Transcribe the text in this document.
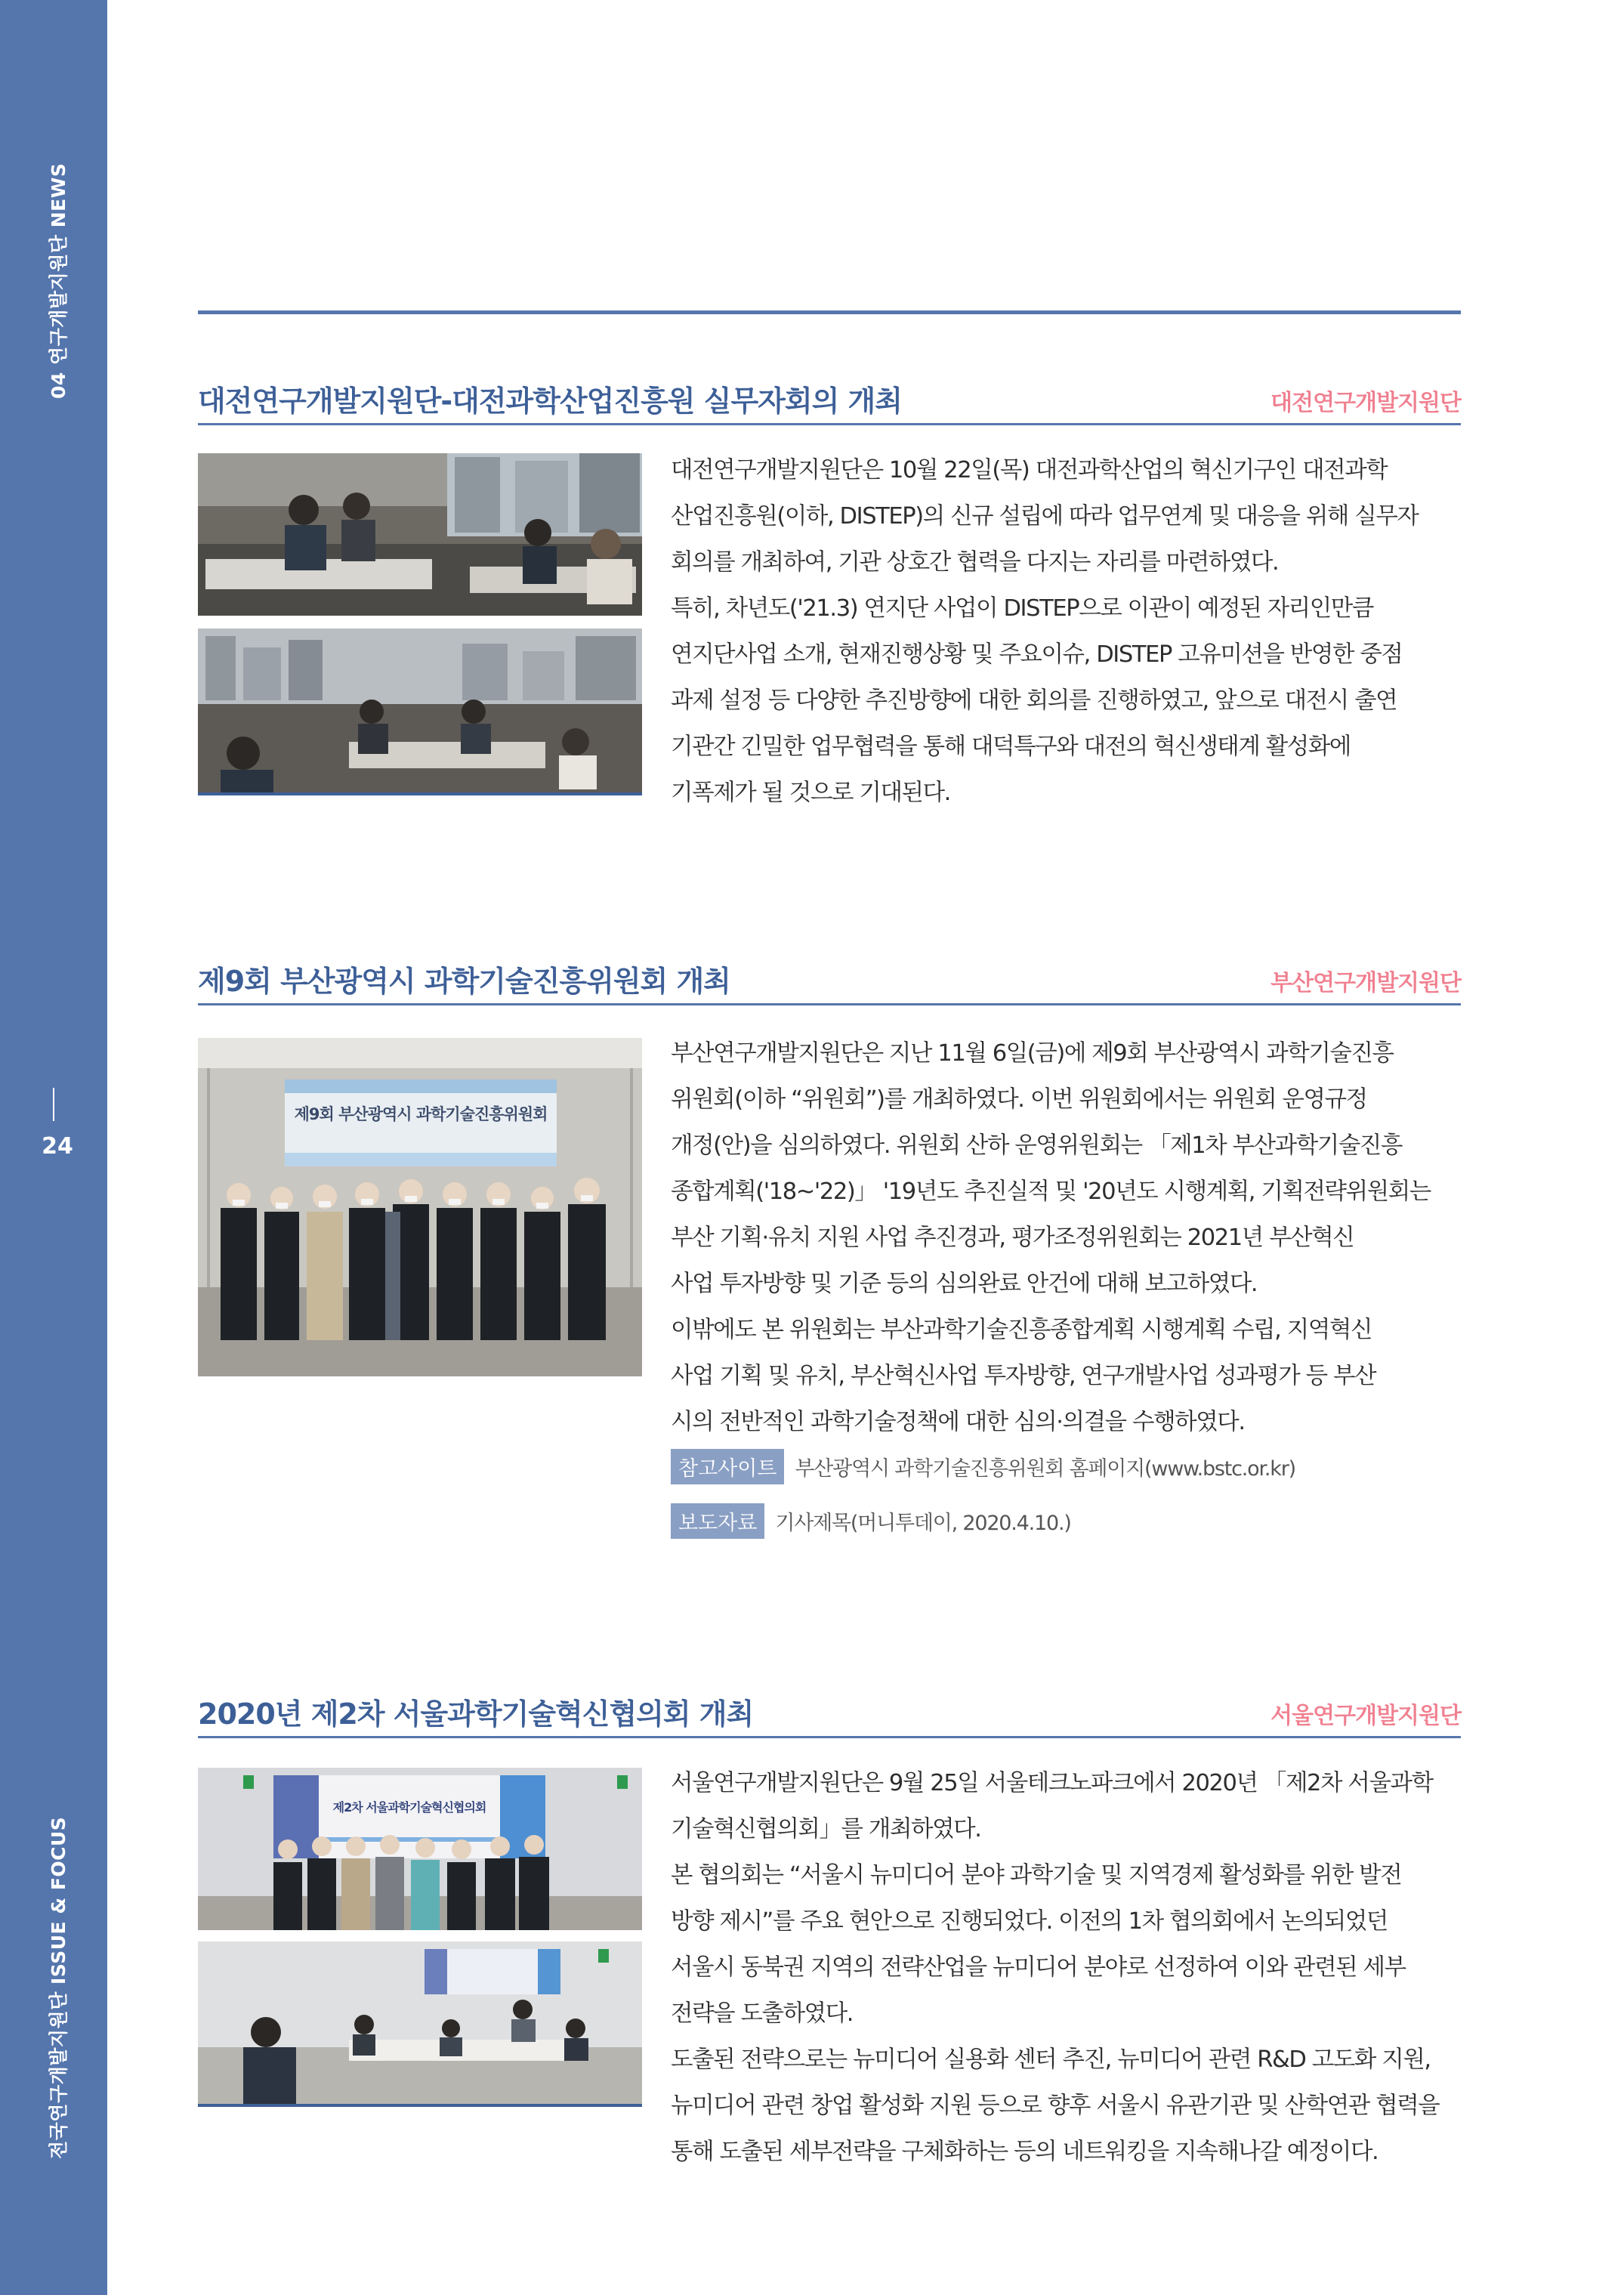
04 연구개발지원단 NEWS
24
전국연구개발지원단 ISSUE & FOCUS
대전연구개발지원단-대전과학산업진흥원 실무자회의 개최	대전연구개발지원단

대전연구개발지원단은 10월 22일(목) 대전과학산업의 혁신기구인 대전과학

산업진흥원(이하, DISTEP)의 신규 설립에 따라 업무연계 및 대응을 위해 실무자

회의를 개최하여, 기관 상호간 협력을 다지는 자리를 마련하였다.

특히, 차년도('21.3) 연지단 사업이 DISTEP으로 이관이 예정된 자리인만큼

연지단사업 소개, 현재진행상황 및 주요이슈, DISTEP 고유미션을 반영한 중점

과제 설정 등 다양한 추진방향에 대한 회의를 진행하였고, 앞으로 대전시 출연

기관간 긴밀한 업무협력을 통해 대덕특구와 대전의 혁신생태계 활성화에

기폭제가 될 것으로 기대된다.

제9회 부산광역시 과학기술진흥위원회 개최	부산연구개발지원단
제9회 부산광역시 과학기술진흥위원회

부산연구개발지원단은 지난 11월 6일(금)에 제9회 부산광역시 과학기술진흥

위원회(이하 “위원회”)를 개최하였다. 이번 위원회에서는 위원회 운영규정

개정(안)을 심의하였다. 위원회 산하 운영위원회는 「제1차 부산과학기술진흥

종합계획('18~'22)」 '19년도 추진실적 및 '20년도 시행계획, 기획전략위원회는

부산 기획·유치 지원 사업 추진경과, 평가조정위원회는 2021년 부산혁신

사업 투자방향 및 기준 등의 심의완료 안건에 대해 보고하였다.

이밖에도 본 위원회는 부산과학기술진흥종합계획 시행계획 수립, 지역혁신

사업 기획 및 유치, 부산혁신사업 투자방향, 연구개발사업 성과평가 등 부산

시의 전반적인 과학기술정책에 대한 심의·의결을 수행하였다.

참고사이트 부산광역시 과학기술진흥위원회 홈페이지(www.bstc.or.kr)
보도자료 기사제목(머니투데이, 2020.4.10.)
2020년 제2차 서울과학기술혁신협의회 개최	서울연구개발지원단
제2차 서울과학기술혁신협의회

서울연구개발지원단은 9월 25일 서울테크노파크에서 2020년 「제2차 서울과학

기술혁신협의회」를 개최하였다.

본 협의회는 “서울시 뉴미디어 분야 과학기술 및 지역경제 활성화를 위한 발전

방향 제시”를 주요 현안으로 진행되었다. 이전의 1차 협의회에서 논의되었던

서울시 동북권 지역의 전략산업을 뉴미디어 분야로 선정하여 이와 관련된 세부

전략을 도출하였다.

도출된 전략으로는 뉴미디어 실용화 센터 추진, 뉴미디어 관련 R&D 고도화 지원,

뉴미디어 관련 창업 활성화 지원 등으로 향후 서울시 유관기관 및 산학연관 협력을

통해 도출된 세부전략을 구체화하는 등의 네트워킹을 지속해나갈 예정이다.
